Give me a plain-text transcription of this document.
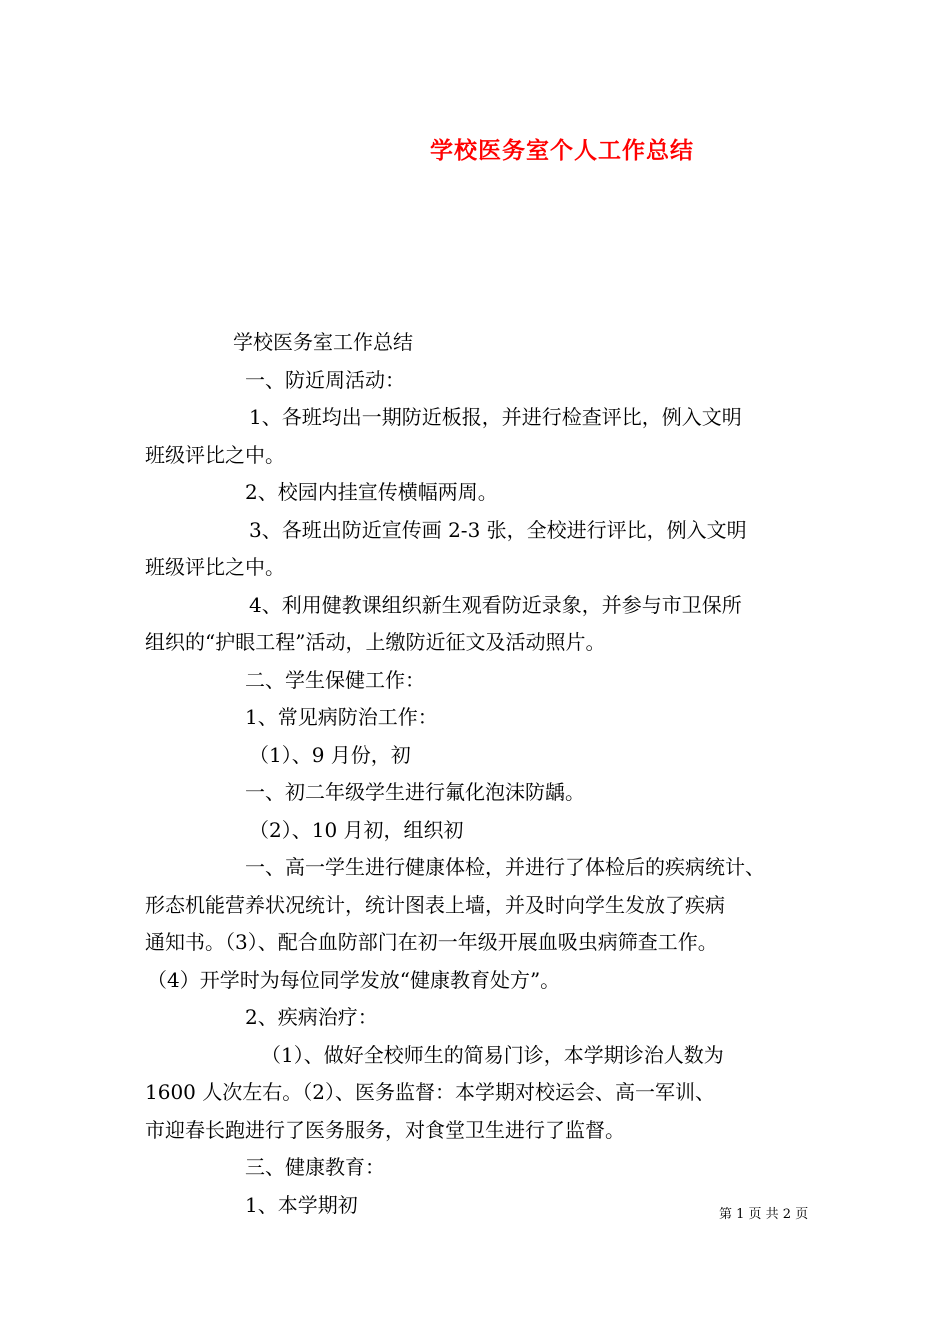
学校医务室个人工作总结
学校医务室工作总结
一、防近周活动：
1、各班均出一期防近板报，并进行检查评比，例入文明
班级评比之中。
2、校园内挂宣传横幅两周。
3、各班出防近宣传画 2-3 张，全校进行评比，例入文明
班级评比之中。
4、利用健教课组织新生观看防近录象，并参与市卫保所
组织的“护眼工程”活动，上缴防近征文及活动照片。
二、学生保健工作：
1、常见病防治工作：
（1）、9 月份，初
一、初二年级学生进行氟化泡沫防龋。
（2）、10 月初，组织初
一、高一学生进行健康体检，并进行了体检后的疾病统计、
形态机能营养状况统计，统计图表上墙，并及时向学生发放了疾病
通知书。（3）、配合血防部门在初一年级开展血吸虫病筛查工作。
（4）开学时为每位同学发放“健康教育处方”。
2、疾病治疗：
（1）、做好全校师生的简易门诊，本学期诊治人数为
1600 人次左右。（2）、医务监督：本学期对校运会、高一军训、
市迎春长跑进行了医务服务，对食堂卫生进行了监督。
三、健康教育：
1、本学期初	第 1 页 共 2 页
